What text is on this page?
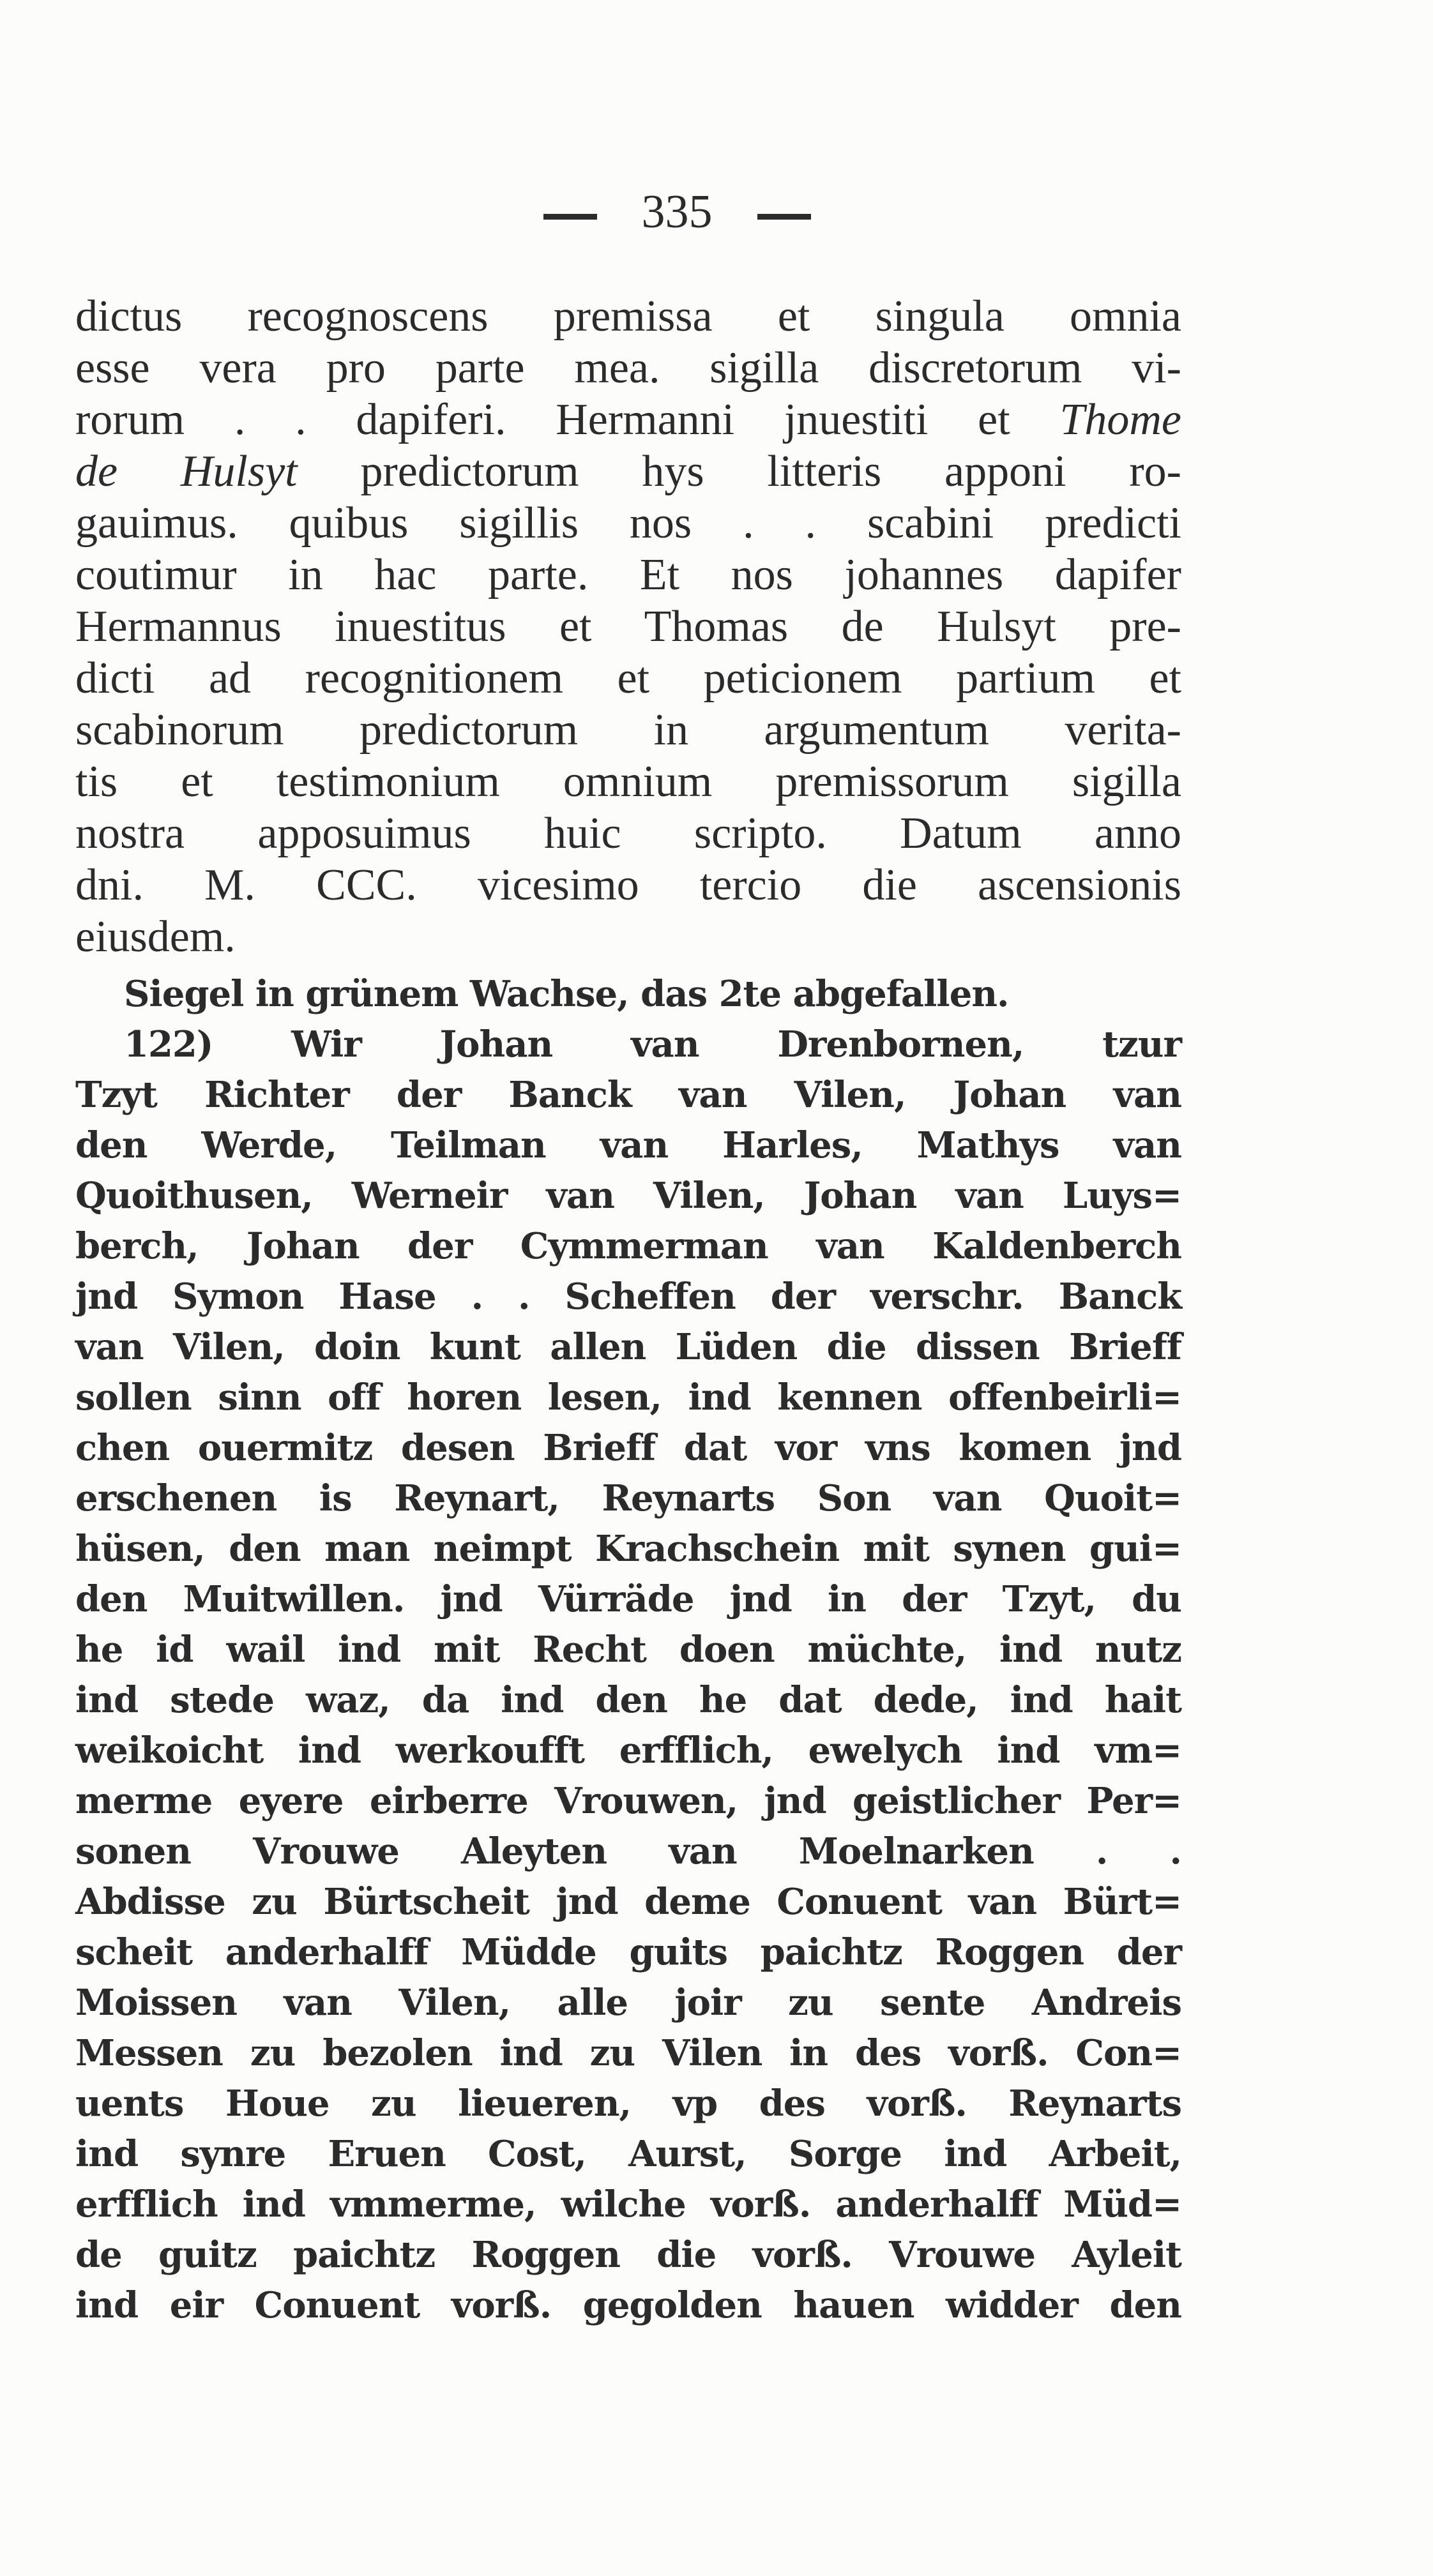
335
dictus recognoscens premissa et singula omnia
esse vera pro parte mea. sigilla discretorum vi-
rorum . . dapiferi. Hermanni jnuestiti et Thome
de Hulsyt predictorum hys litteris apponi ro-
gauimus. quibus sigillis nos . . scabini predicti
coutimur in hac parte. Et nos johannes dapifer
Hermannus inuestitus et Thomas de Hulsyt pre-
dicti ad recognitionem et peticionem partium et
scabinorum predictorum in argumentum verita-
tis et testimonium omnium premissorum sigilla
nostra apposuimus huic scripto. Datum anno
dni. M. CCC. vicesimo tercio die ascensionis
eiusdem.
Siegel in grünem Wachse, das 2te abgefallen.
122) Wir Johan van Drenbornen, tzur
Tzyt Richter der Banck van Vilen, Johan van
den Werde, Teilman van Harles, Mathys van
Quoithusen, Werneir van Vilen, Johan van Luys=
berch, Johan der Cymmerman van Kaldenberch
jnd Symon Hase . . Scheffen der verschr. Banck
van Vilen, doin kunt allen Lüden die dissen Brieff
sollen sinn off horen lesen, ind kennen offenbeirli=
chen ouermitz desen Brieff dat vor vns komen jnd
erschenen is Reynart, Reynarts Son van Quoit=
hüsen, den man neimpt Krachschein mit synen gui=
den Muitwillen. jnd Vürräde jnd in der Tzyt, du
he id wail ind mit Recht doen müchte, ind nutz
ind stede waz, da ind den he dat dede, ind hait
weikoicht ind werkoufft erfflich, ewelych ind vm=
merme eyere eirberre Vrouwen, jnd geistlicher Per=
sonen Vrouwe Aleyten van Moelnarken . .
Abdisse zu Bürtscheit jnd deme Conuent van Bürt=
scheit anderhalff Müdde guits paichtz Roggen der
Moissen van Vilen, alle joir zu sente Andreis
Messen zu bezolen ind zu Vilen in des vorß. Con=
uents Houe zu lieueren, vp des vorß. Reynarts
ind synre Eruen Cost, Aurst, Sorge ind Arbeit,
erfflich ind vmmerme, wilche vorß. anderhalff Müd=
de guitz paichtz Roggen die vorß. Vrouwe Ayleit
ind eir Conuent vorß. gegolden hauen widder den
